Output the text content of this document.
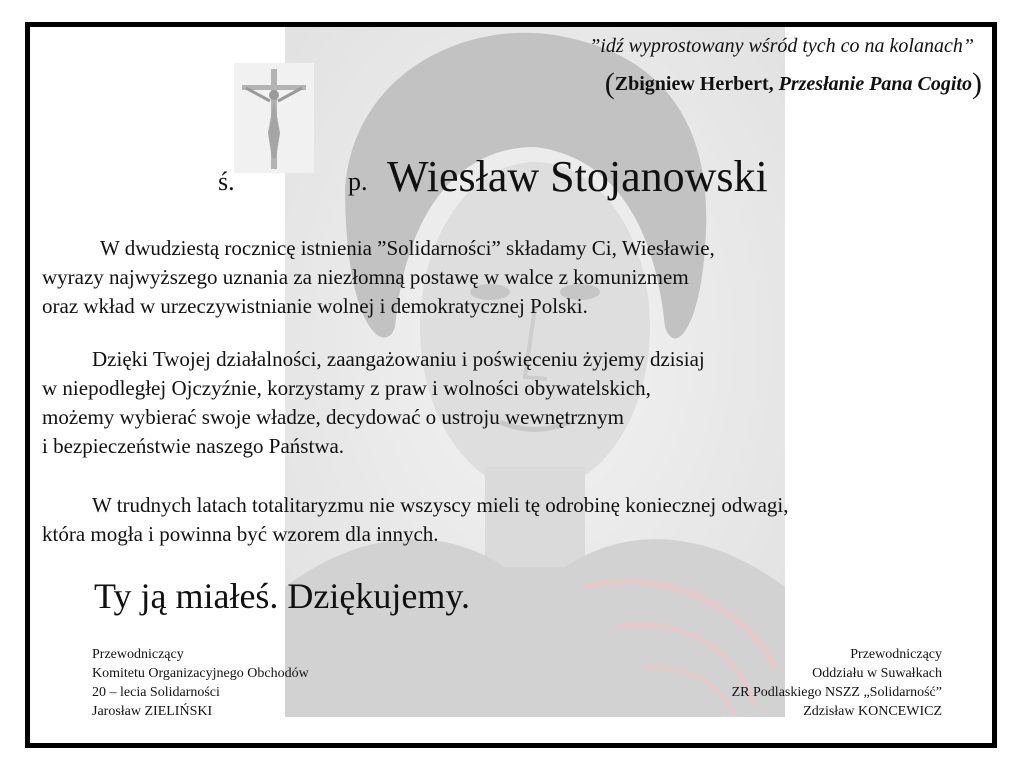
”idź wyprostowany wśród tych co na kolanach”
(Zbigniew Herbert, Przesłanie Pana Cogito)
ś.	p. Wiesław Stojanowski
W dwudziestą rocznicę istnienia ”Solidarności” składamy Ci, Wiesławie,
wyrazy najwyższego uznania za niezłomną postawę w walce z komunizmem
oraz wkład w urzeczywistnianie wolnej i demokratycznej Polski.
Dzięki Twojej działalności, zaangażowaniu i poświęceniu żyjemy dzisiaj
w niepodległej Ojczyźnie, korzystamy z praw i wolności obywatelskich,
możemy wybierać swoje władze, decydować o ustroju wewnętrznym
i bezpieczeństwie naszego Państwa.
W trudnych latach totalitaryzmu nie wszyscy mieli tę odrobinę koniecznej odwagi,
która mogła i powinna być wzorem dla innych.
Ty ją miałeś. Dziękujemy.
Przewodniczący
Komitetu Organizacyjnego Obchodów
20 – lecia Solidarności
Jarosław ZIELIŃSKI
Przewodniczący
Oddziału w Suwałkach
ZR Podlaskiego NSZZ „Solidarność”
Zdzisław KONCEWICZ
